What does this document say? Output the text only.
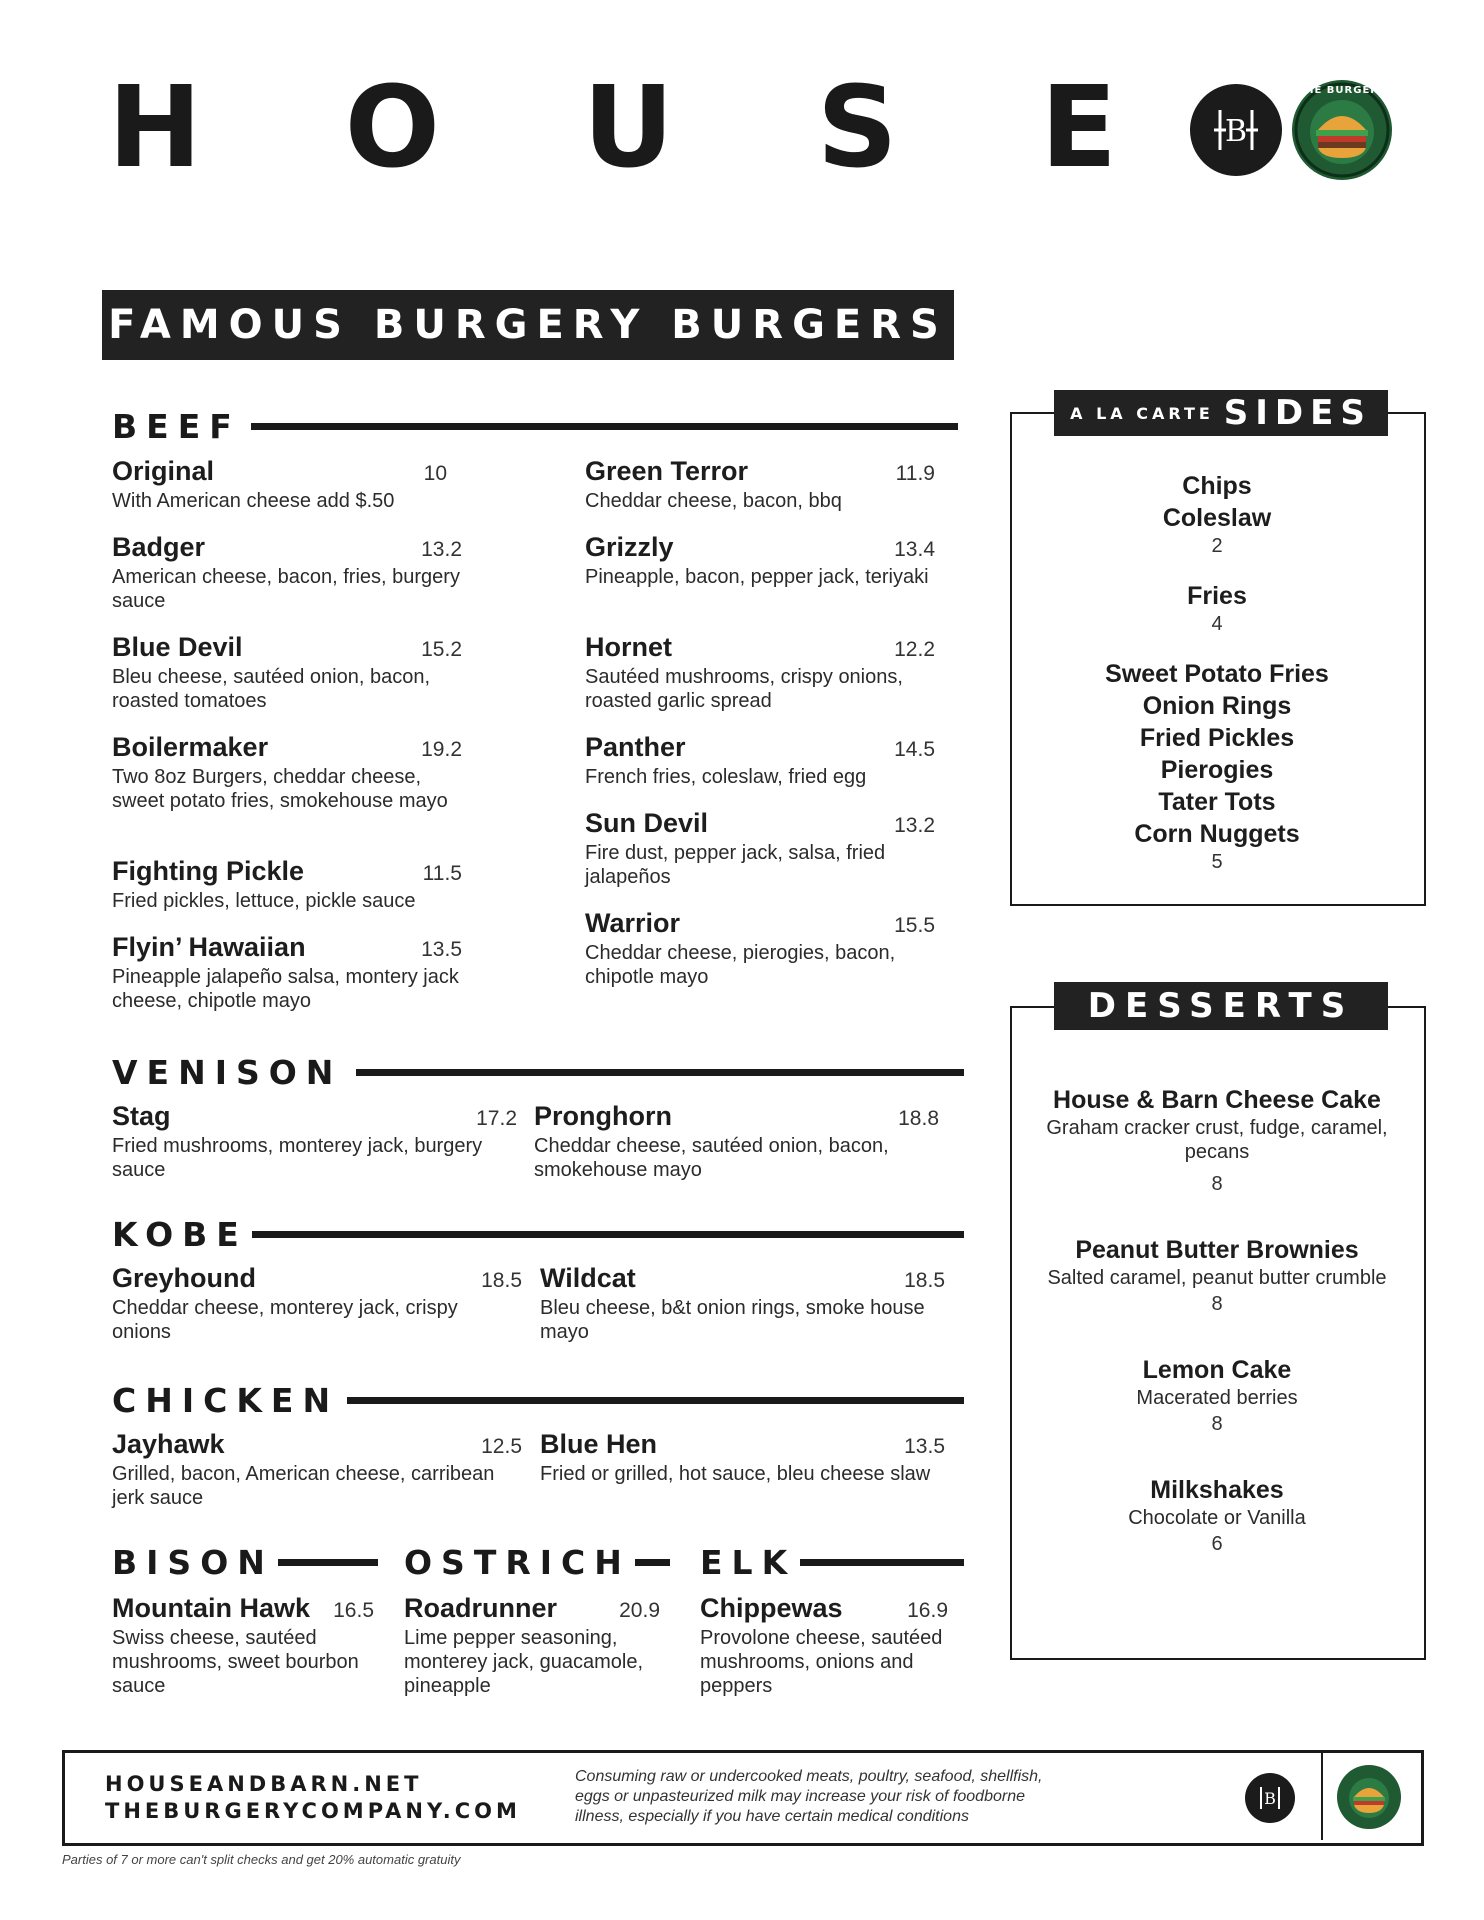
H O U S E B
THE BURGERY
FAMOUS BURGERY BURGERS
BEEF
Original	10
With American cheese add $.50
Badger	13.2
American cheese, bacon, fries, burgery sauce
Blue Devil	15.2
Bleu cheese, sautéed onion, bacon, roasted tomatoes
Boilermaker	19.2
Two 8oz Burgers, cheddar cheese, sweet potato fries, smokehouse mayo
Fighting Pickle	11.5
Fried pickles, lettuce, pickle sauce
Flyin’ Hawaiian	13.5
Pineapple jalapeño salsa, montery jack cheese, chipotle mayo
Green Terror	11.9
Cheddar cheese, bacon, bbq
Grizzly	13.4
Pineapple, bacon, pepper jack, teriyaki
Hornet	12.2
Sautéed mushrooms, crispy onions, roasted garlic spread
Panther	14.5
French fries, coleslaw, fried egg
Sun Devil	13.2
Fire dust, pepper jack, salsa, fried jalapeños
Warrior	15.5
Cheddar cheese, pierogies, bacon, chipotle mayo
VENISON
Stag	17.2
Fried mushrooms, monterey jack, burgery sauce
Pronghorn	18.8
Cheddar cheese, sautéed onion, bacon, smokehouse mayo
KOBE
Greyhound	18.5
Cheddar cheese, monterey jack, crispy onions
Wildcat	18.5
Bleu cheese, b&t onion rings, smoke house mayo
CHICKEN
Jayhawk	12.5
Grilled, bacon, American cheese, carribean jerk sauce
Blue Hen	13.5
Fried or grilled, hot sauce, bleu cheese slaw
BISON	OSTRICH ELK
Mountain Hawk 16.5
Swiss cheese, sautéed mushrooms, sweet bourbon sauce
Roadrunner	20.9
Lime pepper seasoning, monterey jack, guacamole, pineapple
Chippewas	16.9
Provolone cheese, sautéed mushrooms, onions and peppers
A LA CARTE SIDES
Chips
Coleslaw
2
Fries
4
Sweet Potato Fries
Onion Rings
Fried Pickles
Pierogies
Tater Tots
Corn Nuggets
5
DESSERTS
House & Barn Cheese Cake
Graham cracker crust, fudge, caramel, pecans
8
Peanut Butter Brownies
Salted caramel, peanut butter crumble
8
Lemon Cake
Macerated berries
8
Milkshakes
Chocolate or Vanilla
6
HOUSEANDBARN.NET
THEBURGERYCOMPANY.COM
Consuming raw or undercooked meats, poultry, seafood, shellfish, eggs or unpasteurized milk may increase your risk of foodborne illness, especially if you have certain medical conditions
B
Parties of 7 or more can't split checks and get 20% automatic gratuity
